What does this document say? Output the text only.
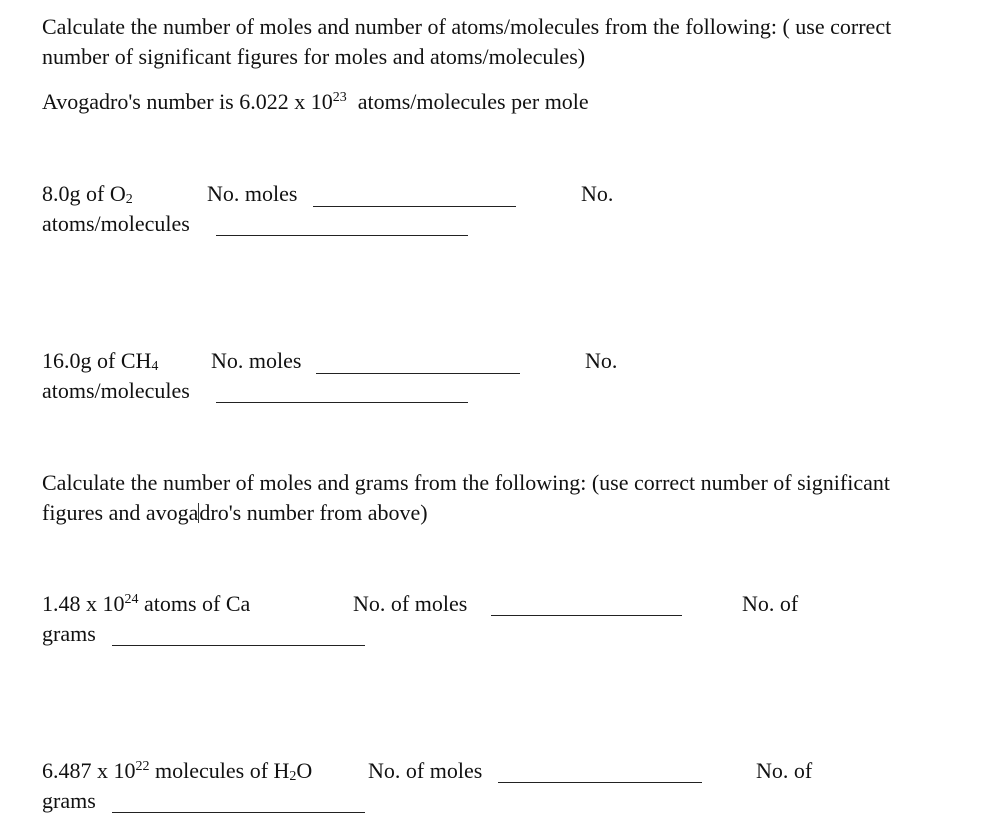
Calculate the number of moles and number of atoms/molecules from the following: ( use correct
number of significant figures for moles and atoms/molecules)
Avogadro's number is 6.022 x $10^{23}$ atoms/molecules per mole
8.0g of $O_2$	No. moles	No.
atoms/molecules
16.0g of $CH_4$ No. moles	No.
atoms/molecules
Calculate the number of moles and grams from the following: (use correct number of significant
figures and avogadro's number from above)
1.48 x $10^{24}$ atoms of Ca	No. of moles	No. of
grams
6.487 x $10^{22}$ molecules of $H_2O$	No. of moles	No. of
grams
